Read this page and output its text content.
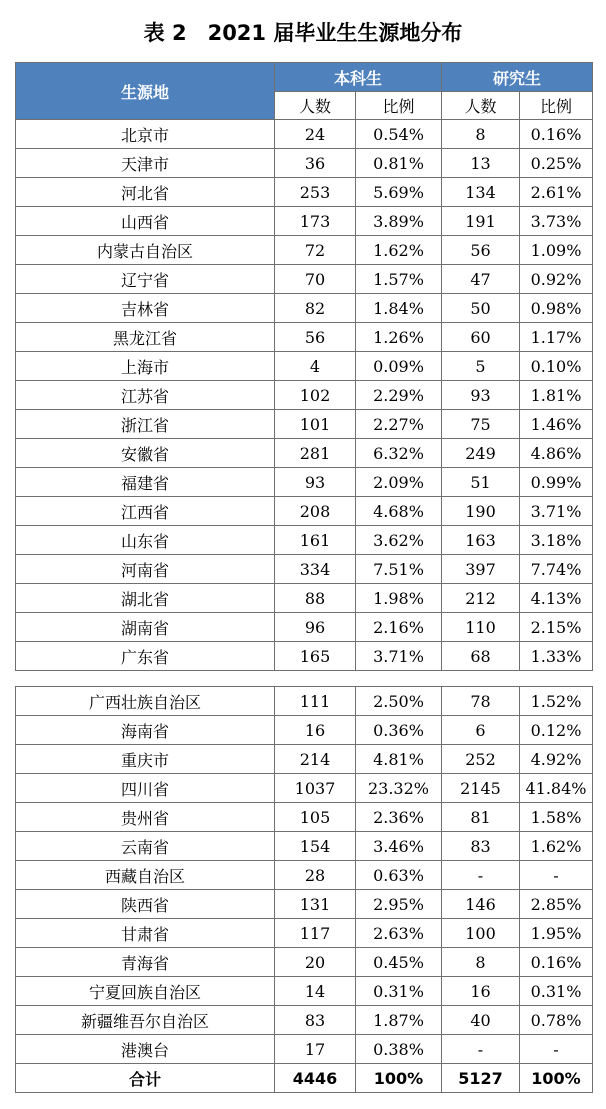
表 2　2021 届毕业生生源地分布
生源地	本科生		研究生	
	人数	比例	人数	比例
北京市	24	0.54%	8	0.16%
天津市	36	0.81%	13	0.25%
河北省	253	5.69%	134	2.61%
山西省	173	3.89%	191	3.73%
内蒙古自治区	72	1.62%	56	1.09%
辽宁省	70	1.57%	47	0.92%
吉林省	82	1.84%	50	0.98%
黑龙江省	56	1.26%	60	1.17%
上海市	4	0.09%	5	0.10%
江苏省	102	2.29%	93	1.81%
浙江省	101	2.27%	75	1.46%
安徽省	281	6.32%	249	4.86%
福建省	93	2.09%	51	0.99%
江西省	208	4.68%	190	3.71%
山东省	161	3.62%	163	3.18%
河南省	334	7.51%	397	7.74%
湖北省	88	1.98%	212	4.13%
湖南省	96	2.16%	110	2.15%
广东省	165	3.71%	68	1.33%
广西壮族自治区	111	2.50%	78	1.52%
海南省	16	0.36%	6	0.12%
重庆市	214	4.81%	252	4.92%
四川省	1037	23.32%	2145	41.84%
贵州省	105	2.36%	81	1.58%
云南省	154	3.46%	83	1.62%
西藏自治区	28	0.63%	-	-
陕西省	131	2.95%	146	2.85%
甘肃省	117	2.63%	100	1.95%
青海省	20	0.45%	8	0.16%
宁夏回族自治区	14	0.31%	16	0.31%
新疆维吾尔自治区	83	1.87%	40	0.78%
港澳台	17	0.38%	-	-
合计	4446	100%	5127	100%
